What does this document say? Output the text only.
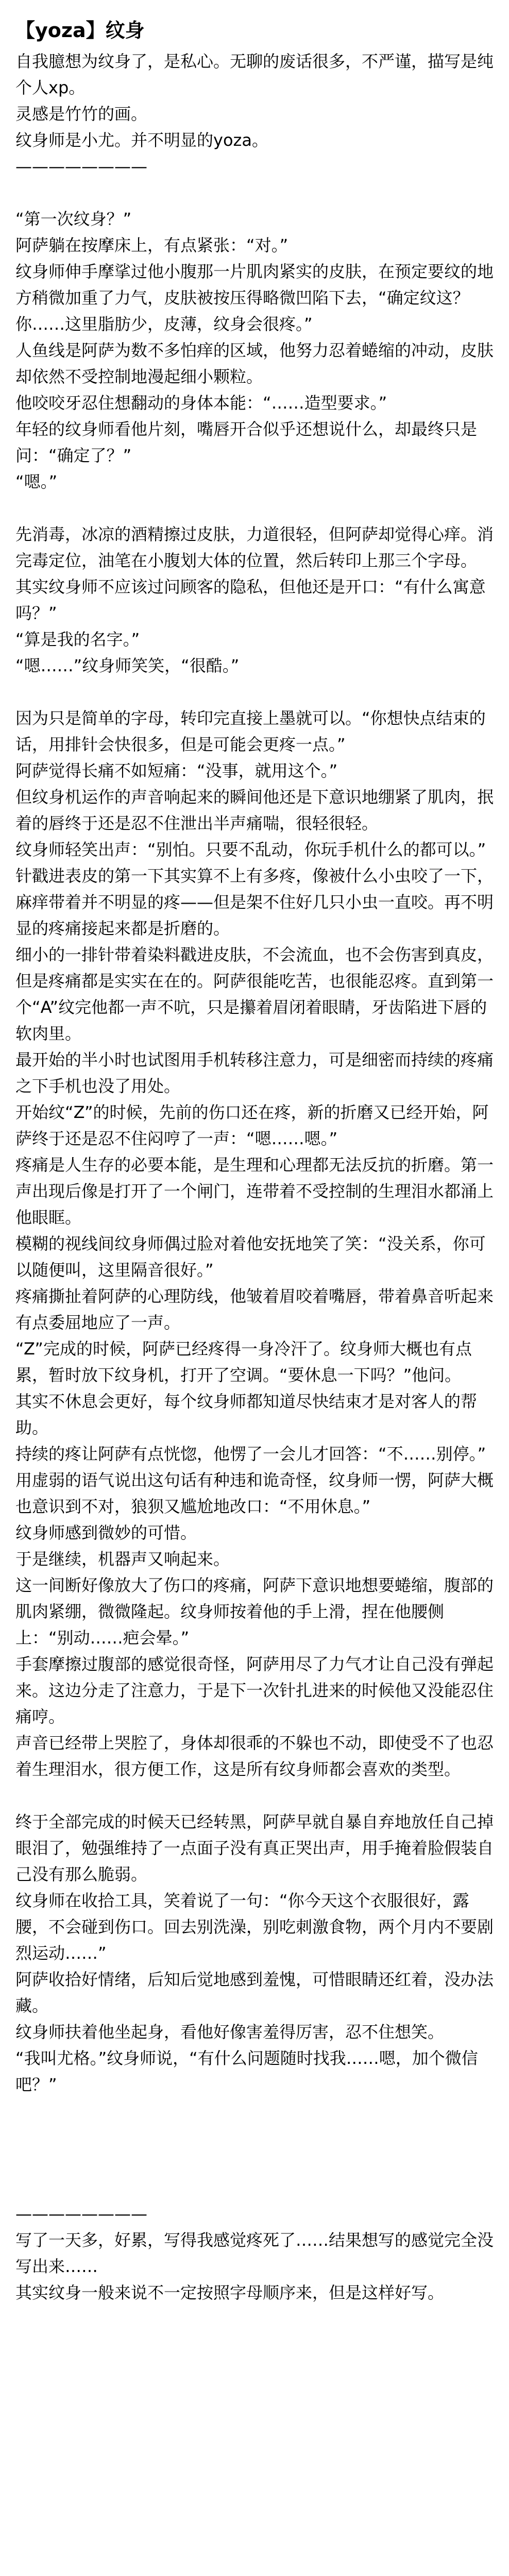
【yoza】纹身

自我臆想为纹身了，是私心。无聊的废话很多，不严谨，描写是纯个人xp。

灵感是竹竹的画。

纹身师是小尤。并不明显的yoza。

————————

“第一次纹身？”

阿萨躺在按摩床上，有点紧张：“对。”

纹身师伸手摩挲过他小腹那一片肌肉紧实的皮肤，在预定要纹的地方稍微加重了力气，皮肤被按压得略微凹陷下去，“确定纹这？你……这里脂肪少，皮薄，纹身会很疼。”

人鱼线是阿萨为数不多怕痒的区域，他努力忍着蜷缩的冲动，皮肤却依然不受控制地漫起细小颗粒。

他咬咬牙忍住想翻动的身体本能：“……造型要求。”

年轻的纹身师看他片刻，嘴唇开合似乎还想说什么，却最终只是问：“确定了？”

“嗯。”

先消毒，冰凉的酒精擦过皮肤，力道很轻，但阿萨却觉得心痒。消完毒定位，油笔在小腹划大体的位置，然后转印上那三个字母。

其实纹身师不应该过问顾客的隐私，但他还是开口：“有什么寓意吗？”

“算是我的名字。”

“嗯……”纹身师笑笑，“很酷。”

因为只是简单的字母，转印完直接上墨就可以。“你想快点结束的话，用排针会快很多，但是可能会更疼一点。”

阿萨觉得长痛不如短痛：“没事，就用这个。”

但纹身机运作的声音响起来的瞬间他还是下意识地绷紧了肌肉，抿着的唇终于还是忍不住泄出半声痛喘，很轻很轻。

纹身师轻笑出声：“别怕。只要不乱动，你玩手机什么的都可以。”

针戳进表皮的第一下其实算不上有多疼，像被什么小虫咬了一下，麻痒带着并不明显的疼——但是架不住好几只小虫一直咬。再不明显的疼痛接起来都是折磨的。

细小的一排针带着染料戳进皮肤，不会流血，也不会伤害到真皮，但是疼痛都是实实在在的。阿萨很能吃苦，也很能忍疼。直到第一个“A”纹完他都一声不吭，只是攥着眉闭着眼睛，牙齿陷进下唇的软肉里。

最开始的半小时也试图用手机转移注意力，可是细密而持续的疼痛之下手机也没了用处。

开始纹“Z”的时候，先前的伤口还在疼，新的折磨又已经开始，阿萨终于还是忍不住闷哼了一声：“嗯……嗯。”

疼痛是人生存的必要本能，是生理和心理都无法反抗的折磨。第一声出现后像是打开了一个闸门，连带着不受控制的生理泪水都涌上他眼眶。

模糊的视线间纹身师偶过脸对着他安抚地笑了笑：“没关系，你可以随便叫，这里隔音很好。”

疼痛撕扯着阿萨的心理防线，他皱着眉咬着嘴唇，带着鼻音听起来有点委屈地应了一声。

“Z”完成的时候，阿萨已经疼得一身冷汗了。纹身师大概也有点累，暂时放下纹身机，打开了空调。“要休息一下吗？”他问。

其实不休息会更好，每个纹身师都知道尽快结束才是对客人的帮助。

持续的疼让阿萨有点恍惚，他愣了一会儿才回答：“不……别停。”

用虚弱的语气说出这句话有种违和诡奇怪，纹身师一愣，阿萨大概也意识到不对，狼狈又尴尬地改口：“不用休息。”

纹身师感到微妙的可惜。

于是继续，机器声又响起来。

这一间断好像放大了伤口的疼痛，阿萨下意识地想要蜷缩，腹部的肌肉紧绷，微微隆起。纹身师按着他的手上滑，捏在他腰侧上：“别动……疤会晕。”

手套摩擦过腹部的感觉很奇怪，阿萨用尽了力气才让自己没有弹起来。这边分走了注意力，于是下一次针扎进来的时候他又没能忍住痛哼。

声音已经带上哭腔了，身体却很乖的不躲也不动，即使受不了也忍着生理泪水，很方便工作，这是所有纹身师都会喜欢的类型。

终于全部完成的时候天已经转黑，阿萨早就自暴自弃地放任自己掉眼泪了，勉强维持了一点面子没有真正哭出声，用手掩着脸假装自己没有那么脆弱。

纹身师在收拾工具，笑着说了一句：“你今天这个衣服很好，露腰，不会碰到伤口。回去别洗澡，别吃刺激食物，两个月内不要剧烈运动……”

阿萨收拾好情绪，后知后觉地感到羞愧，可惜眼睛还红着，没办法藏。

纹身师扶着他坐起身，看他好像害羞得厉害，忍不住想笑。

“我叫尤格。”纹身师说，“有什么问题随时找我……嗯，加个微信吧？”

————————

写了一天多，好累，写得我感觉疼死了……结果想写的感觉完全没写出来……

其实纹身一般来说不一定按照字母顺序来，但是这样好写。
